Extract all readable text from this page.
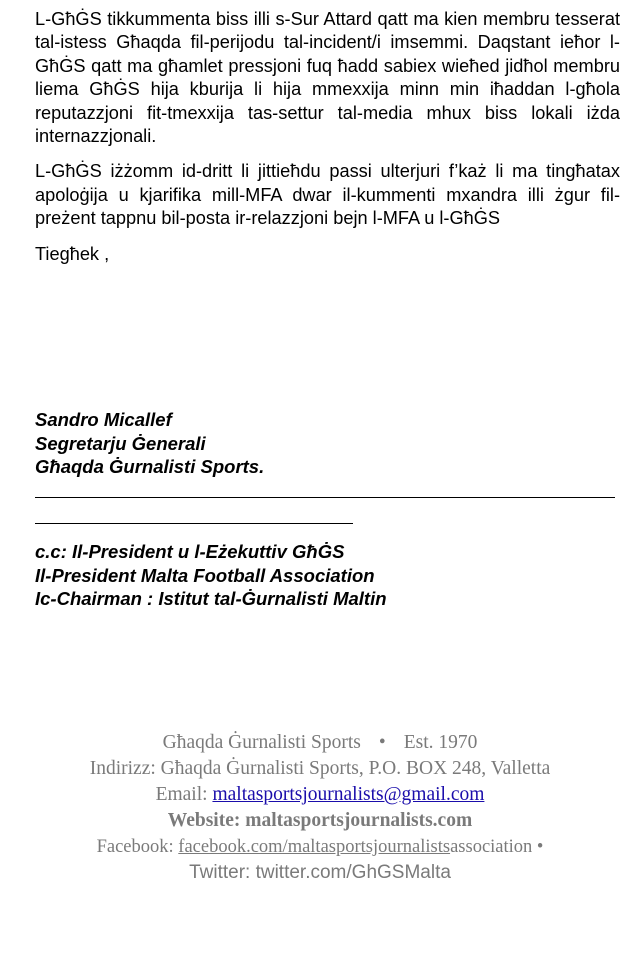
L-GħĠS tikkummenta biss illi s-Sur Attard qatt ma kien membru tesserat tal-istess Għaqda fil-perijodu tal-incident/i imsemmi. Daqstant ieħor l-GħĠS qatt ma għamlet pressjoni fuq ħadd sabiex wieħed jidħol membru liema GħĠS hija kburija li hija mmexxija minn min iħaddan l-għola reputazzjoni fit-tmexxija tas-settur tal-media mhux biss lokali iżda internazzjonali.

L-GħĠS iżżomm id-dritt li jittieħdu passi ulterjuri f’każ li ma tingħatax apoloġija u kjarifika mill-MFA dwar il-kummenti mxandra illi żgur fil-preżent tappnu bil-posta ir-relazzjoni bejn l-MFA u l-GħĠS

Tiegħek ,

Sandro Micallef
Segretarju Ġenerali
Għaqda Ġurnalisti Sports.
c.c: Il-President u l-Eżekuttiv GħĠS
Il-President Malta Football Association
Ic-Chairman : Istitut tal-Ġurnalisti Maltin
Għaqda Ġurnalisti Sports • Est. 1970
Indirizz: Għaqda Ġurnalisti Sports, P.O. BOX 248, Valletta
Email: maltasportsjournalists@gmail.com
Website: maltasportsjournalists.com
Facebook: facebook.com/maltasportsjournalistsassociation •
Twitter: twitter.com/GhGSMalta
